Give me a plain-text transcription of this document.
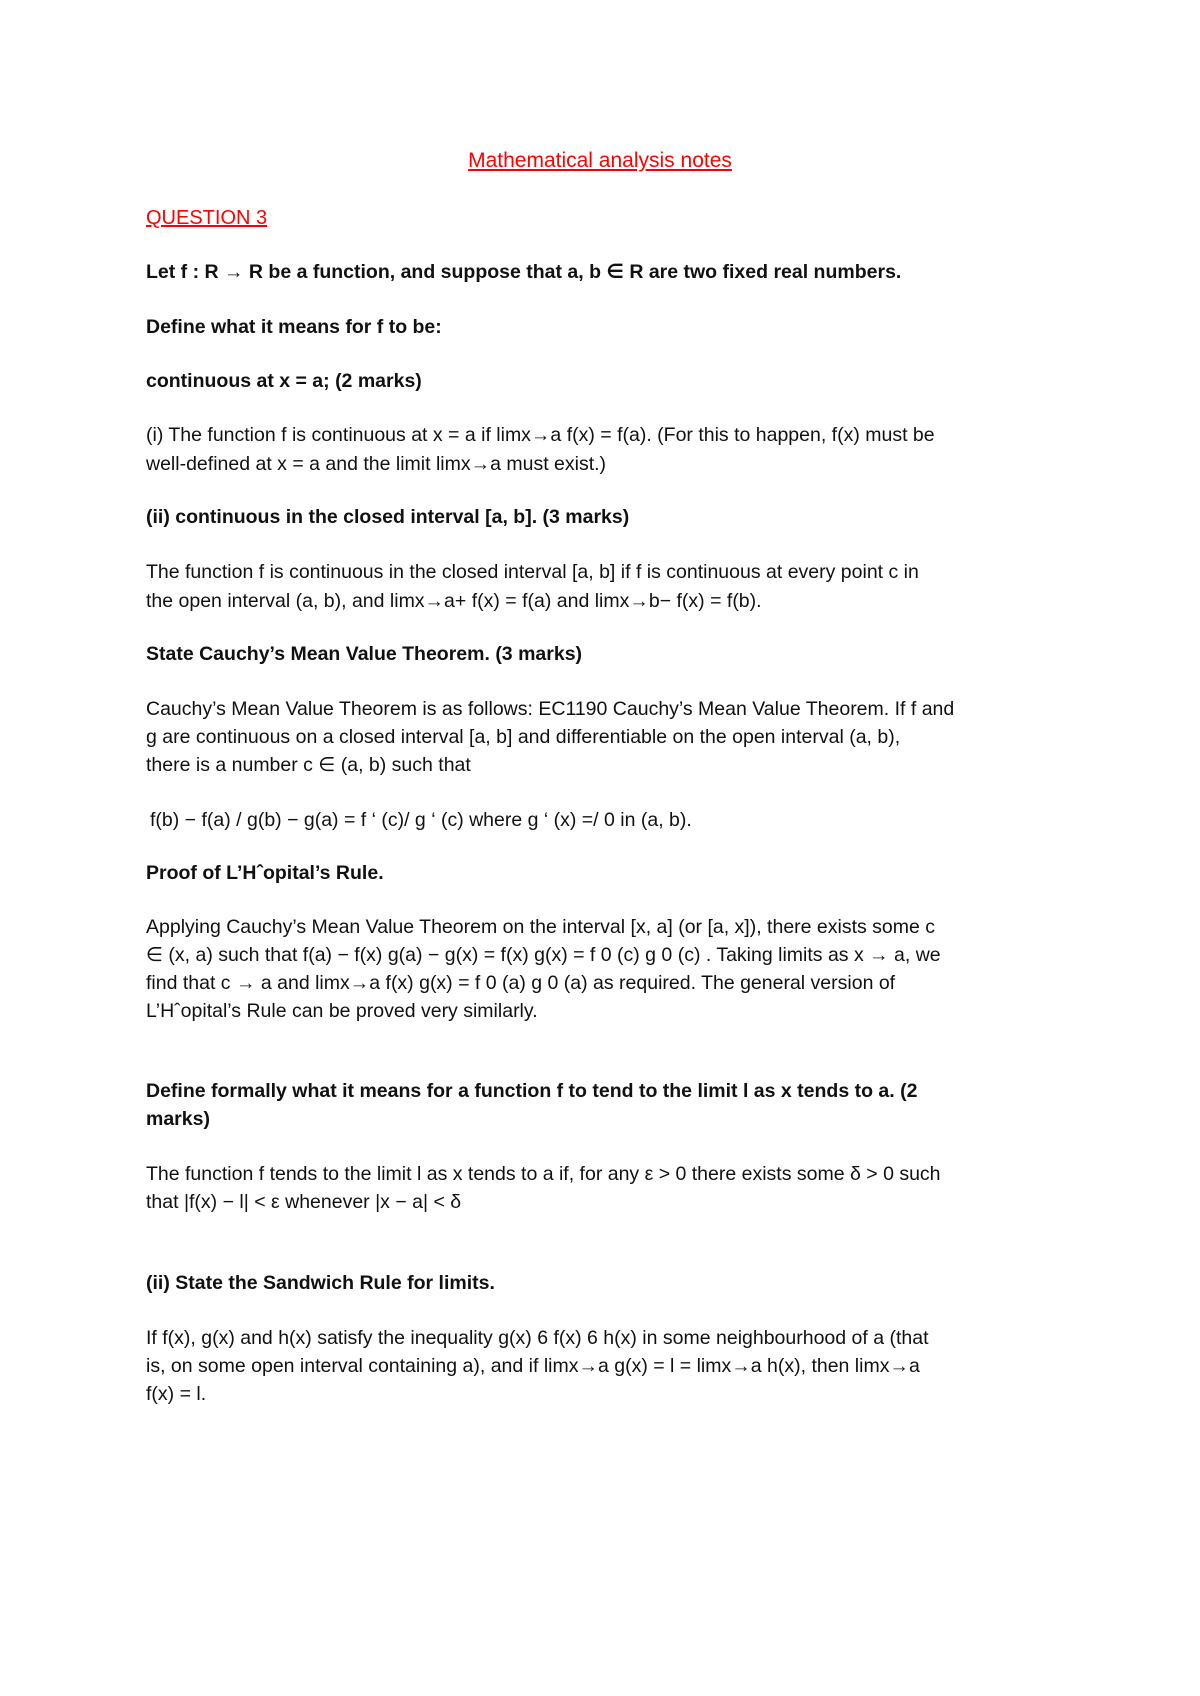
Mathematical analysis notes
QUESTION 3
Let f : R → R be a function, and suppose that a, b ∈ R are two fixed real numbers.
Define what it means for f to be:
continuous at x = a; (2 marks)
(i) The function f is continuous at x = a if limx→a f(x) = f(a). (For this to happen, f(x) must be
well-defined at x = a and the limit limx→a must exist.)
(ii) continuous in the closed interval [a, b]. (3 marks)
The function f is continuous in the closed interval [a, b] if f is continuous at every point c in
the open interval (a, b), and limx→a+ f(x) = f(a) and limx→b− f(x) = f(b).
State Cauchy’s Mean Value Theorem. (3 marks)
Cauchy’s Mean Value Theorem is as follows: EC1190 Cauchy’s Mean Value Theorem. If f and
g are continuous on a closed interval [a, b] and differentiable on the open interval (a, b),
there is a number c ∈ (a, b) such that
f(b) − f(a) / g(b) − g(a) = f ‘ (c)/ g ‘ (c) where g ‘ (x) =/ 0 in (a, b).
Proof of L’Hˆopital’s Rule.
Applying Cauchy’s Mean Value Theorem on the interval [x, a] (or [a, x]), there exists some c
∈ (x, a) such that f(a) − f(x) g(a) − g(x) = f(x) g(x) = f 0 (c) g 0 (c) . Taking limits as x → a, we
find that c → a and limx→a f(x) g(x) = f 0 (a) g 0 (a) as required. The general version of
L’Hˆopital’s Rule can be proved very similarly.
Define formally what it means for a function f to tend to the limit l as x tends to a. (2
marks)
The function f tends to the limit l as x tends to a if, for any ε > 0 there exists some δ > 0 such
that |f(x) − l| < ε whenever |x − a| < δ
(ii) State the Sandwich Rule for limits.
If f(x), g(x) and h(x) satisfy the inequality g(x) 6 f(x) 6 h(x) in some neighbourhood of a (that
is, on some open interval containing a), and if limx→a g(x) = l = limx→a h(x), then limx→a
f(x) = l.
